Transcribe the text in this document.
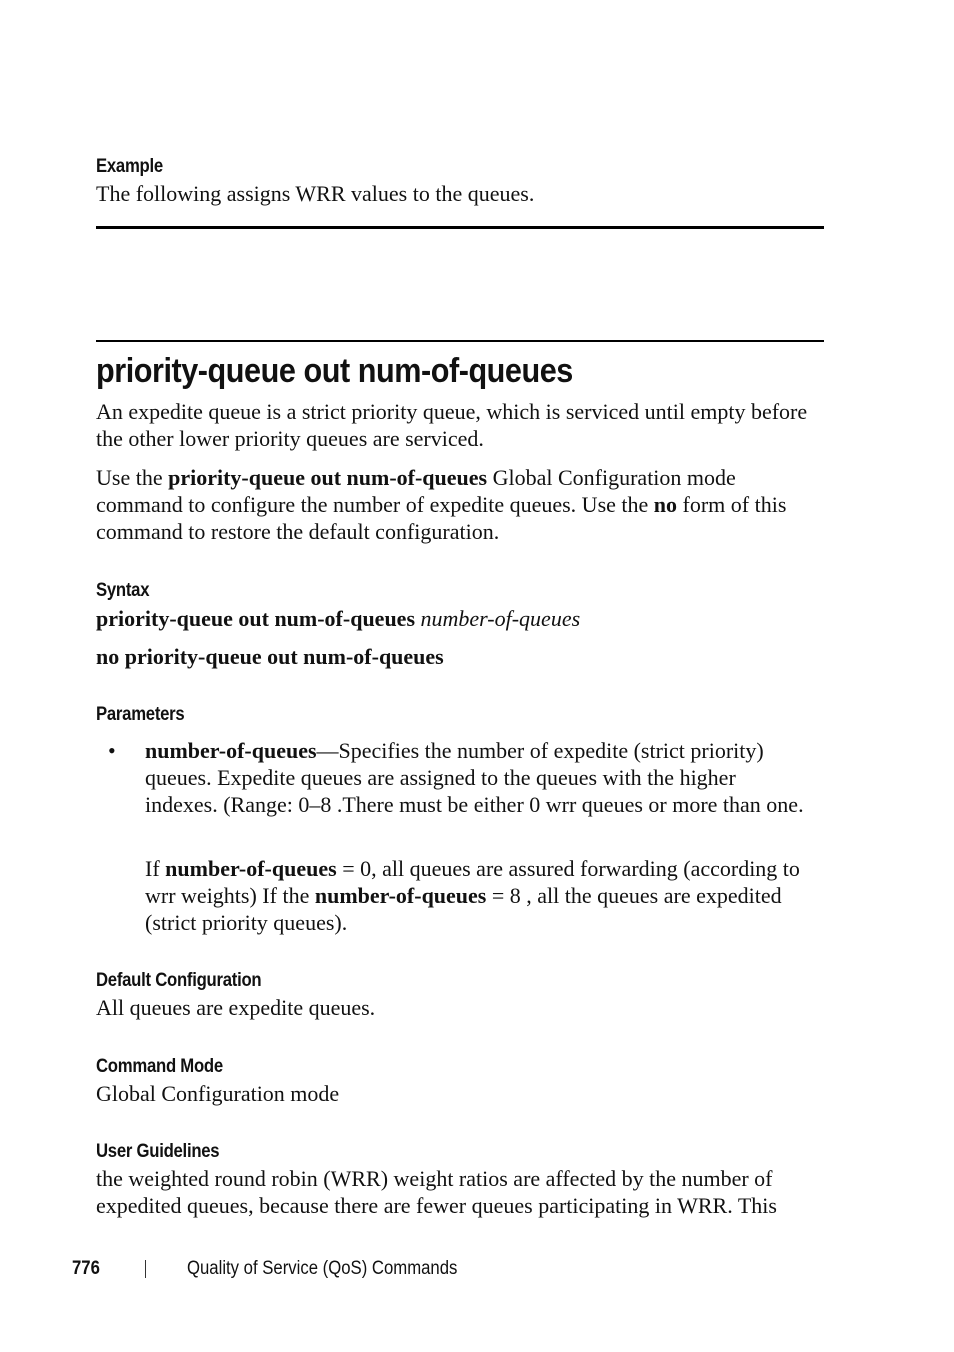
Example

The following assigns WRR values to the queues.

priority-queue out num-of-queues

An expedite queue is a strict priority queue, which is serviced until empty before the other lower priority queues are serviced.

Use the priority-queue out num-of-queues Global Configuration mode command to configure the number of expedite queues. Use the no form of this command to restore the default configuration.

Syntax

priority-queue out num-of-queues number-of-queues

no priority-queue out num-of-queues

Parameters
• number-of-queues—Specifies the number of expedite (strict priority) queues. Expedite queues are assigned to the queues with the higher indexes. (Range: 0–8 .There must be either 0 wrr queues or more than one.

If number-of-queues = 0, all queues are assured forwarding (according to wrr weights) If the number-of-queues = 8 , all the queues are expedited (strict priority queues).

Default Configuration

All queues are expedite queues.

Command Mode

Global Configuration mode

User Guidelines

the weighted round robin (WRR) weight ratios are affected by the number of expedited queues, because there are fewer queues participating in WRR. This

776	Quality of Service (QoS) Commands
